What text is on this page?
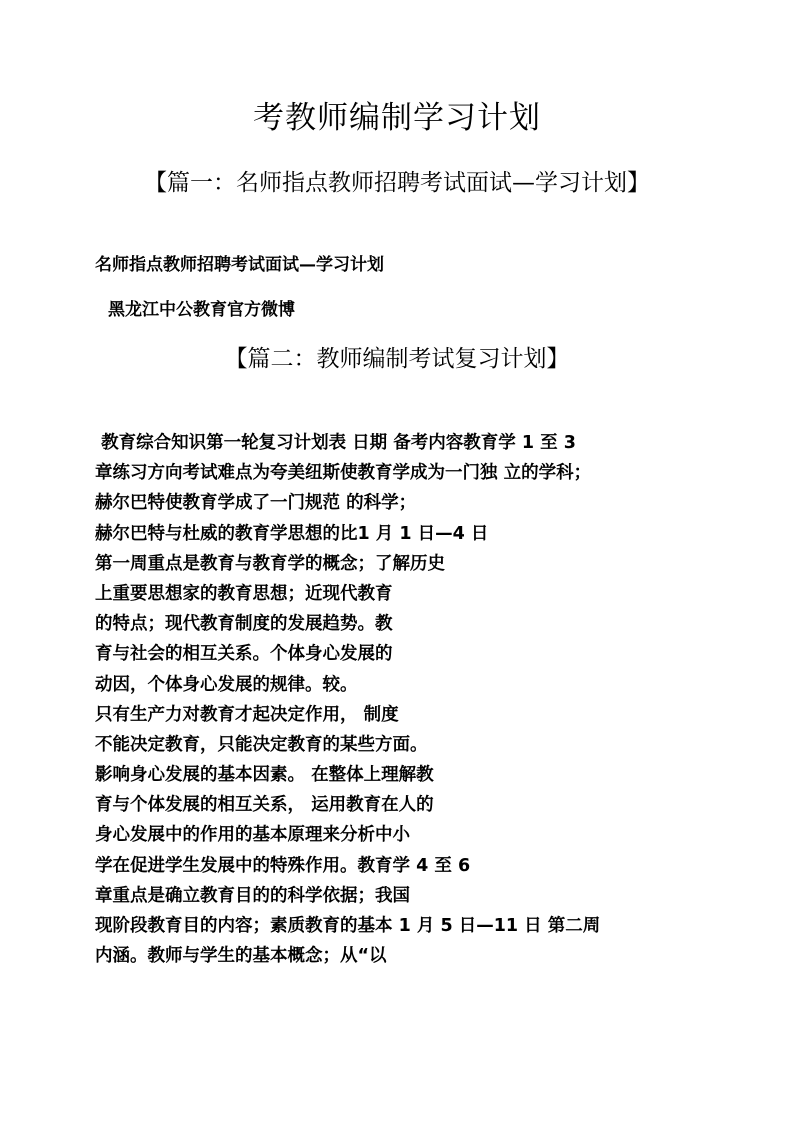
考教师编制学习计划
【篇一：名师指点教师招聘考试面试—学习计划】
名师指点教师招聘考试面试—学习计划
黑龙江中公教育官方微博
【篇二：教师编制考试复习计划】
教育综合知识第一轮复习计划表 日期 备考内容教育学 1 至 3
章练习方向考试难点为夸美纽斯使教育学成为一门独 立的学科；
赫尔巴特使教育学成了一门规范 的科学；
赫尔巴特与杜威的教育学思想的比1 月 1 日—4 日
第一周重点是教育与教育学的概念；了解历史
上重要思想家的教育思想；近现代教育
的特点；现代教育制度的发展趋势。教
育与社会的相互关系。个体身心发展的
动因，个体身心发展的规律。较。
只有生产力对教育才起决定作用， 制度
不能决定教育，只能决定教育的某些方面。
影响身心发展的基本因素。 在整体上理解教
育与个体发展的相互关系， 运用教育在人的
身心发展中的作用的基本原理来分析中小
学在促进学生发展中的特殊作用。教育学 4 至 6
章重点是确立教育目的的科学依据；我国
现阶段教育目的内容；素质教育的基本 1 月 5 日—11 日 第二周
内涵。教师与学生的基本概念；从“以
